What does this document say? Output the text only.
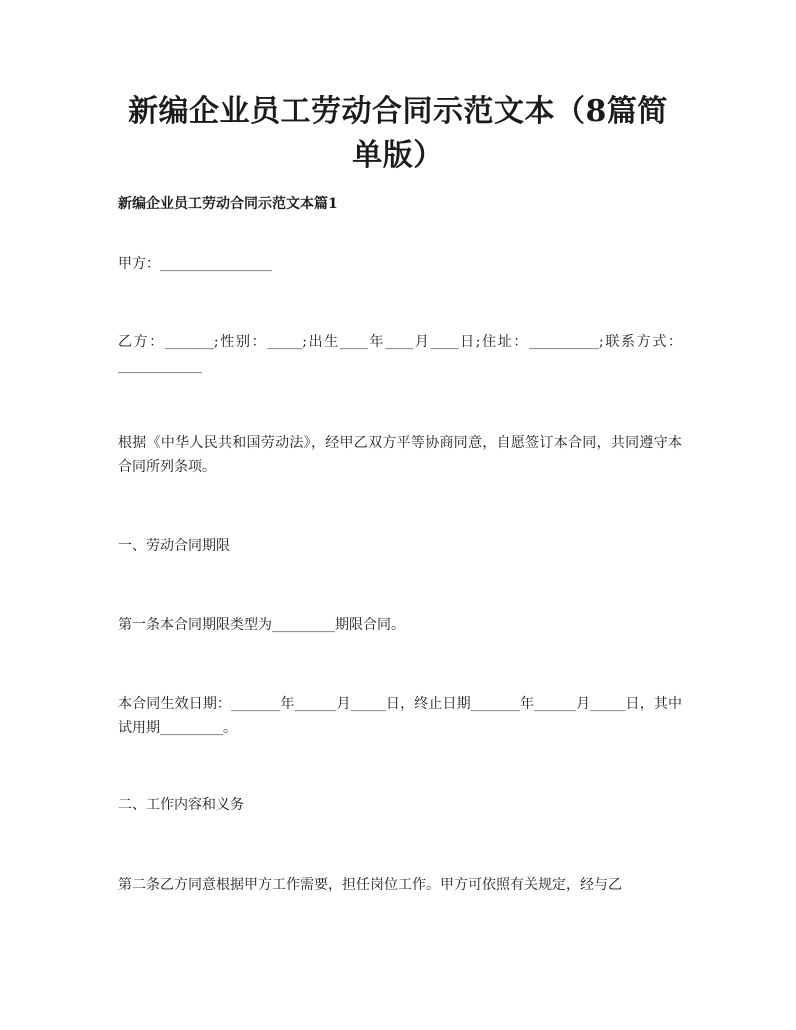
新编企业员工劳动合同示范文本（8篇简单版）
新编企业员工劳动合同示范文本篇1

甲方：________________

乙方：_______;性别：_____;出生____年____月____日;住址：__________;联系方式：____________

根据《中华人民共和国劳动法》，经甲乙双方平等协商同意，自愿签订本合同，共同遵守本合同所列条项。

一、劳动合同期限

第一条本合同期限类型为_________期限合同。

本合同生效日期：_______年______月_____日，终止日期_______年______月_____日，其中试用期_________。

二、工作内容和义务

第二条乙方同意根据甲方工作需要，担任岗位工作。甲方可依照有关规定，经与乙
